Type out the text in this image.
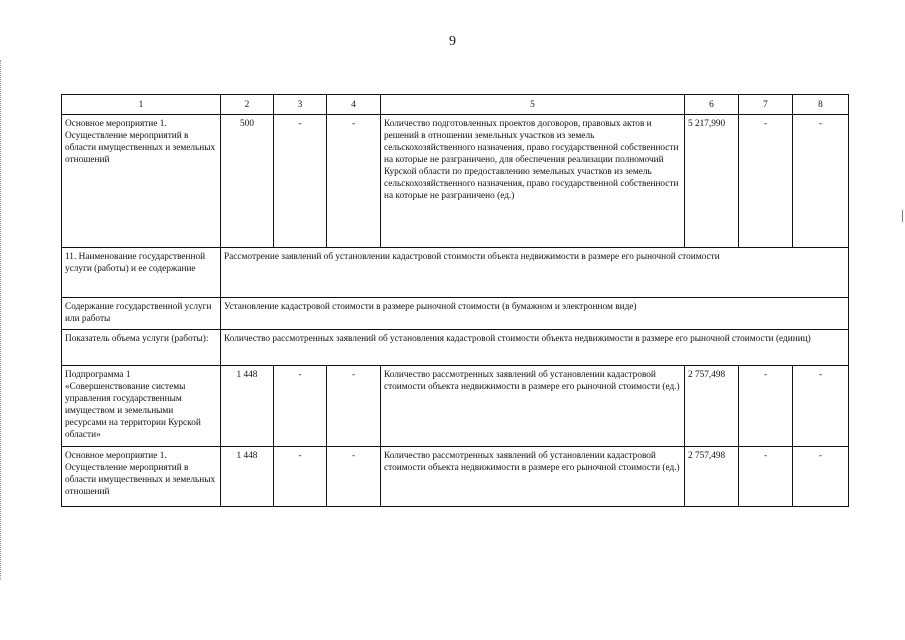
9
1	2	3	4	5	6	7	8
Основное мероприятие 1. Осуществление мероприятий в области имущественных и земельных отношений	500	-	-	Количество подготовленных проектов договоров, правовых актов и решений в отношении земельных участков из земель сельскохозяйственного назначения, право государственной собственности на которые не разграничено, для обеспечения реализации полномочий Курской области по предоставлению земельных участков из земель сельскохозяйственного назначения, право государственной собственности на которые не разграничено (ед.)	5 217,990	-	-
11. Наименование государственной услуги (работы) и ее содержание	Рассмотрение заявлений об установлении кадастровой стоимости объекта недвижимости в размере его рыночной стоимости						
Содержание государственной услуги или работы	Установление кадастровой стоимости в размере рыночной стоимости (в бумажном и электронном виде)						
Показатель объема услуги (работы):	Количество рассмотренных заявлений об установления кадастровой стоимости объекта недвижимости в размере его рыночной стоимости (единиц)						
Подпрограмма 1 «Совершенствование системы управления государственным имуществом и земельными ресурсами на территории Курской области»	1 448	-	-	Количество рассмотренных заявлений об установлении кадастровой стоимости объекта недвижимости в размере его рыночной стоимости (ед.)	2 757,498	-	-
Основное мероприятие 1. Осуществление мероприятий в области имущественных и земельных отношений	1 448	-	-	Количество рассмотренных заявлений об установлении кадастровой стоимости объекта недвижимости в размере его рыночной стоимости (ед.)	2 757,498	-	-
